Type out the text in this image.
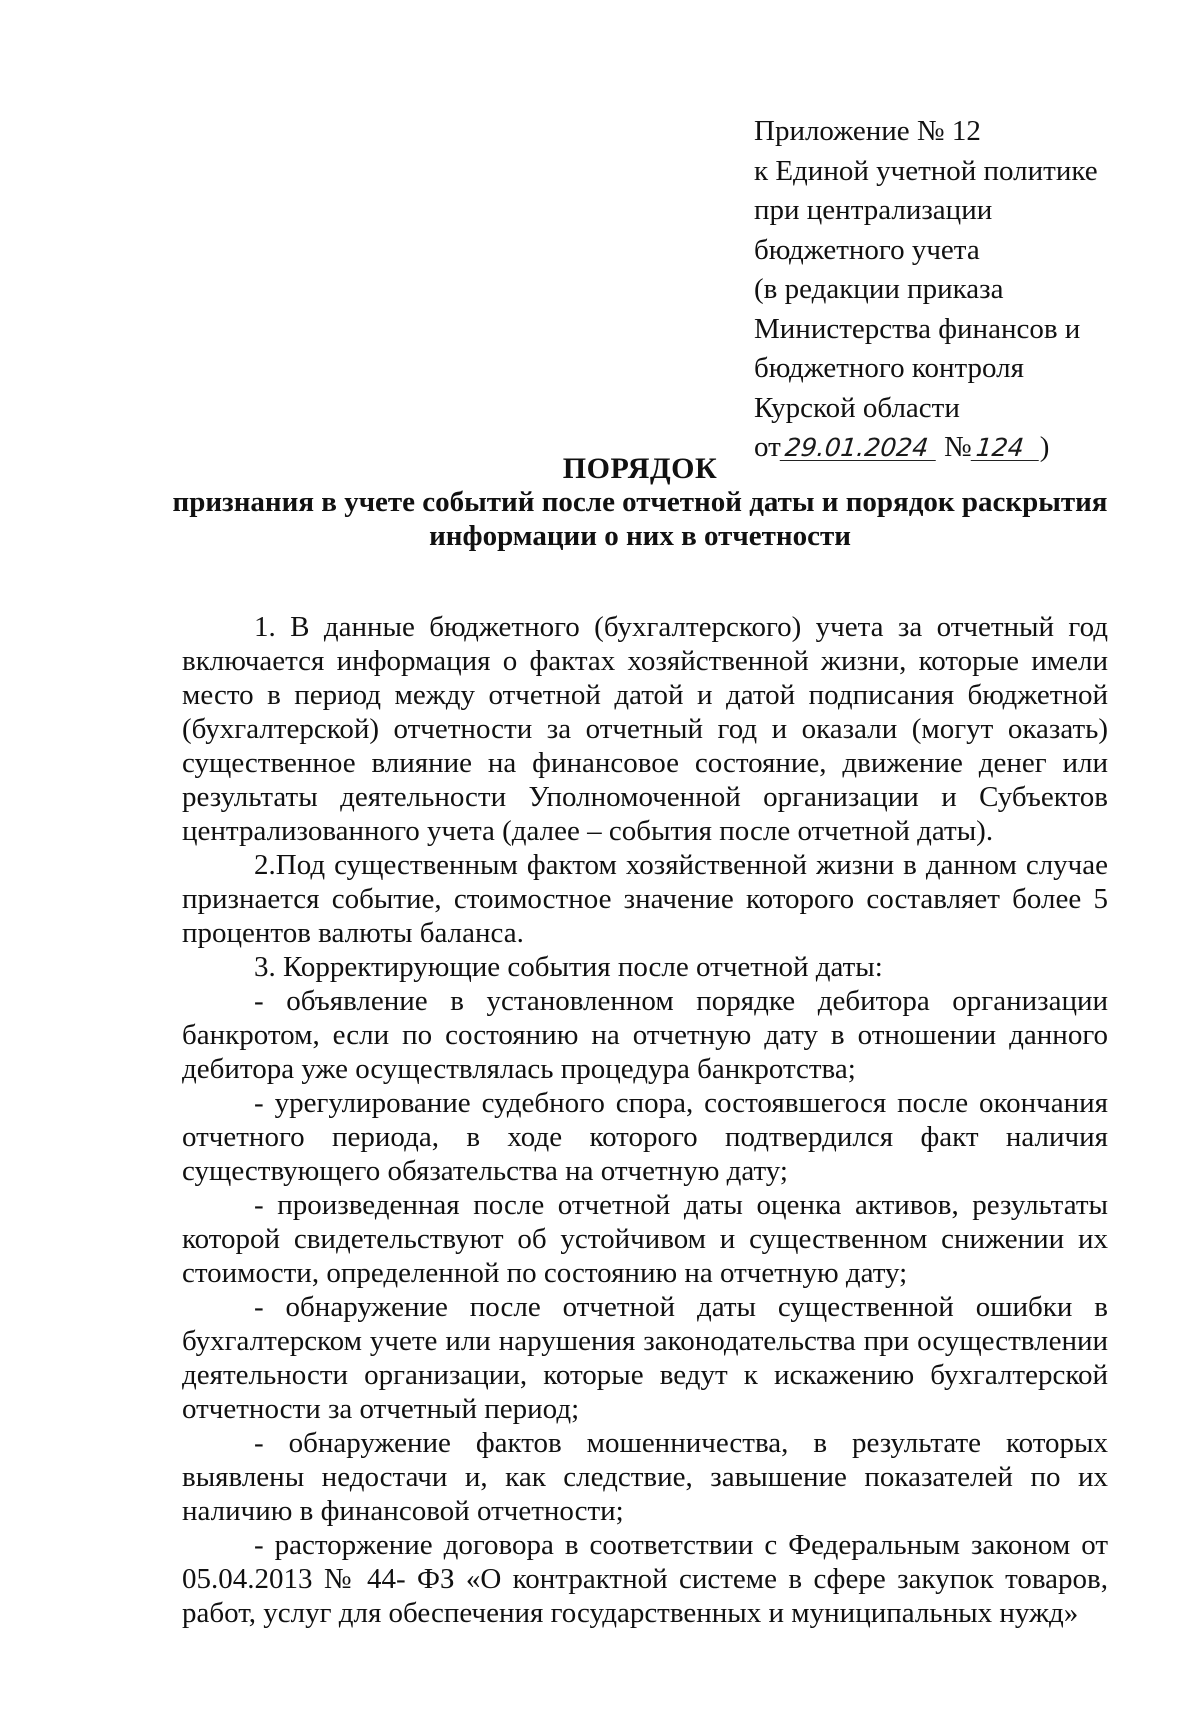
Приложение № 12
к Единой учетной политике
при централизации
бюджетного учета
(в редакции приказа
Министерства финансов и
бюджетного контроля
Курской области
от 29.01.2024 № 124 )
ПОРЯДОК
признания в учете событий после отчетной даты и порядок раскрытия
информации о них в отчетности

1. В данные бюджетного (бухгалтерского) учета за отчетный год включается информация о фактах хозяйственной жизни, которые имели место в период между отчетной датой и датой подписания бюджетной (бухгалтерской) отчетности за отчетный год и оказали (могут оказать) существенное влияние на финансовое состояние, движение денег или результаты деятельности Уполномоченной организации и Субъектов централизованного учета (далее – события после отчетной даты).

2.Под существенным фактом хозяйственной жизни в данном случае признается событие, стоимостное значение которого составляет более 5 процентов валюты баланса.

3. Корректирующие события после отчетной даты:

- объявление в установленном порядке дебитора организации банкротом, если по состоянию на отчетную дату в отношении данного дебитора уже осуществлялась процедура банкротства;

- урегулирование судебного спора, состоявшегося после окончания отчетного периода, в ходе которого подтвердился факт наличия существующего обязательства на отчетную дату;

- произведенная после отчетной даты оценка активов, результаты которой свидетельствуют об устойчивом и существенном снижении их стоимости, определенной по состоянию на отчетную дату;

- обнаружение после отчетной даты существенной ошибки в бухгалтерском учете или нарушения законодательства при осуществлении деятельности организации, которые ведут к искажению бухгалтерской отчетности за отчетный период;

- обнаружение фактов мошенничества, в результате которых выявлены недостачи и, как следствие, завышение показателей по их наличию в финансовой отчетности;

- расторжение договора в соответствии с Федеральным законом от 05.04.2013 № 44- ФЗ «О контрактной системе в сфере закупок товаров, работ, услуг для обеспечения государственных и муниципальных нужд»
